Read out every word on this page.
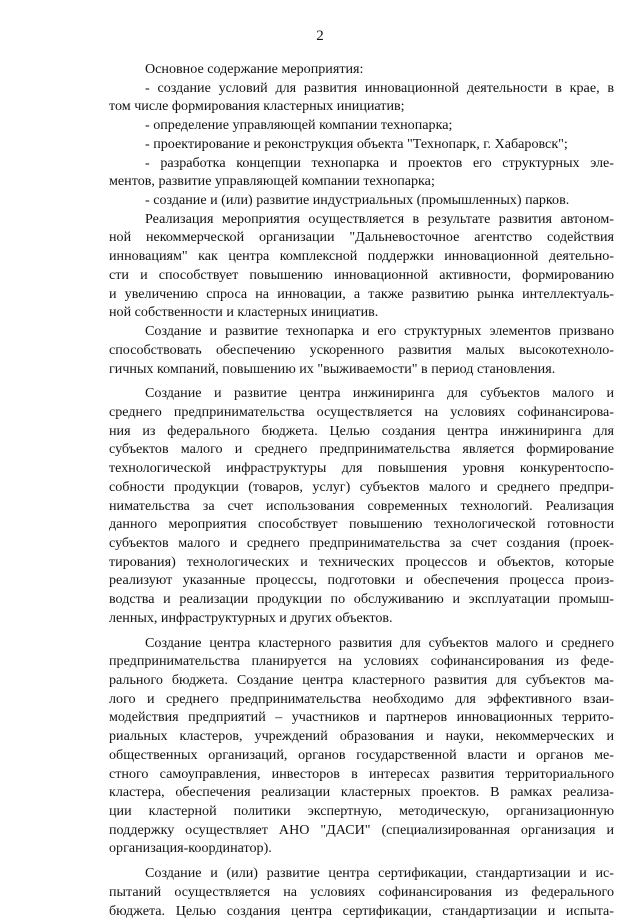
2
Основное содержание мероприятия:
- создание условий для развития инновационной деятельности в крае, в
том числе формирования кластерных инициатив;
- определение управляющей компании технопарка;
- проектирование и реконструкция объекта "Технопарк, г. Хабаровск";
- разработка концепции технопарка и проектов его структурных эле-
ментов, развитие управляющей компании технопарка;
- создание и (или) развитие индустриальных (промышленных) парков.
Реализация мероприятия осуществляется в результате развития автоном-
ной некоммерческой организации "Дальневосточное агентство содействия
инновациям" как центра комплексной поддержки инновационной деятельно-
сти и способствует повышению инновационной активности, формированию
и увеличению спроса на инновации, а также развитию рынка интеллектуаль-
ной собственности и кластерных инициатив.
Создание и развитие технопарка и его структурных элементов призвано
способствовать обеспечению ускоренного развития малых высокотехноло-
гичных компаний, повышению их "выживаемости" в период становления.
Создание и развитие центра инжиниринга для субъектов малого и
среднего предпринимательства осуществляется на условиях софинансирова-
ния из федерального бюджета. Целью создания центра инжиниринга для
субъектов малого и среднего предпринимательства является формирование
технологической инфраструктуры для повышения уровня конкурентоспо-
собности продукции (товаров, услуг) субъектов малого и среднего предпри-
нимательства за счет использования современных технологий. Реализация
данного мероприятия способствует повышению технологической готовности
субъектов малого и среднего предпринимательства за счет создания (проек-
тирования) технологических и технических процессов и объектов, которые
реализуют указанные процессы, подготовки и обеспечения процесса произ-
водства и реализации продукции по обслуживанию и эксплуатации промыш-
ленных, инфраструктурных и других объектов.
Создание центра кластерного развития для субъектов малого и среднего
предпринимательства планируется на условиях софинансирования из феде-
рального бюджета. Создание центра кластерного развития для субъектов ма-
лого и среднего предпринимательства необходимо для эффективного взаи-
модействия предприятий – участников и партнеров инновационных террито-
риальных кластеров, учреждений образования и науки, некоммерческих и
общественных организаций, органов государственной власти и органов ме-
стного самоуправления, инвесторов в интересах развития территориального
кластера, обеспечения реализации кластерных проектов. В рамках реализа-
ции кластерной политики экспертную, методическую, организационную
поддержку осуществляет АНО "ДАСИ" (специализированная организация и
организация-координатор).
Создание и (или) развитие центра сертификации, стандартизации и ис-
пытаний осуществляется на условиях софинансирования из федерального
бюджета. Целью создания центра сертификации, стандартизации и испыта-
